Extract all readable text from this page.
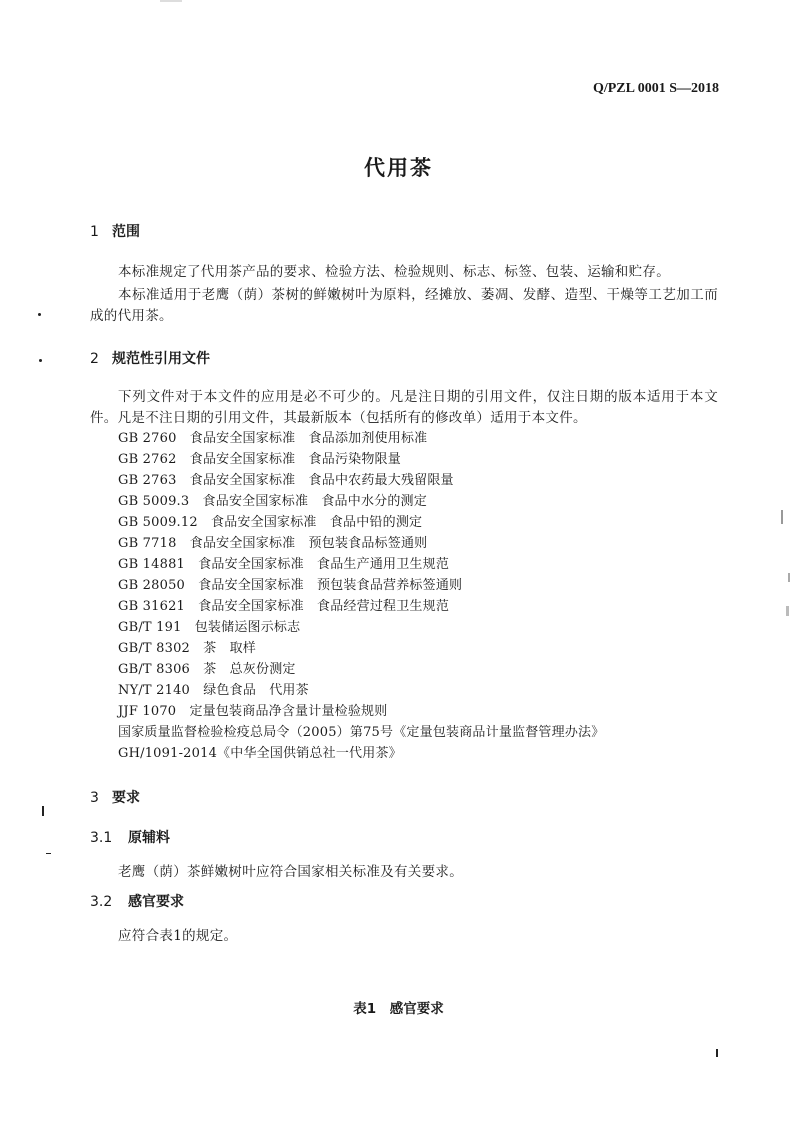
Q/PZL 0001 S—2018
代用茶
1 范围
本标准规定了代用茶产品的要求、检验方法、检验规则、标志、标签、包装、运输和贮存。
本标准适用于老鹰（荫）茶树的鲜嫩树叶为原料，经摊放、萎凋、发酵、造型、干燥等工艺加工而成的代用茶。
2 规范性引用文件
下列文件对于本文件的应用是必不可少的。凡是注日期的引用文件，仅注日期的版本适用于本文件。凡是不注日期的引用文件，其最新版本（包括所有的修改单）适用于本文件。
GB 2760　食品安全国家标准　食品添加剂使用标准
GB 2762　食品安全国家标准　食品污染物限量
GB 2763　食品安全国家标准　食品中农药最大残留限量
GB 5009.3　食品安全国家标准　食品中水分的测定
GB 5009.12　食品安全国家标准　食品中铅的测定
GB 7718　食品安全国家标准　预包装食品标签通则
GB 14881　食品安全国家标准　食品生产通用卫生规范
GB 28050　食品安全国家标准　预包装食品营养标签通则
GB 31621　食品安全国家标准　食品经营过程卫生规范
GB/T 191　包装储运图示标志
GB/T 8302　茶　取样
GB/T 8306　茶　总灰份测定
NY/T 2140　绿色食品　代用茶
JJF 1070　定量包装商品净含量计量检验规则
国家质量监督检验检疫总局令（2005）第75号《定量包装商品计量监督管理办法》
GH/1091-2014《中华全国供销总社一代用茶》
3 要求
3.1 原辅料
老鹰（荫）茶鲜嫩树叶应符合国家相关标准及有关要求。
3.2 感官要求
应符合表1的规定。
表1　感官要求
